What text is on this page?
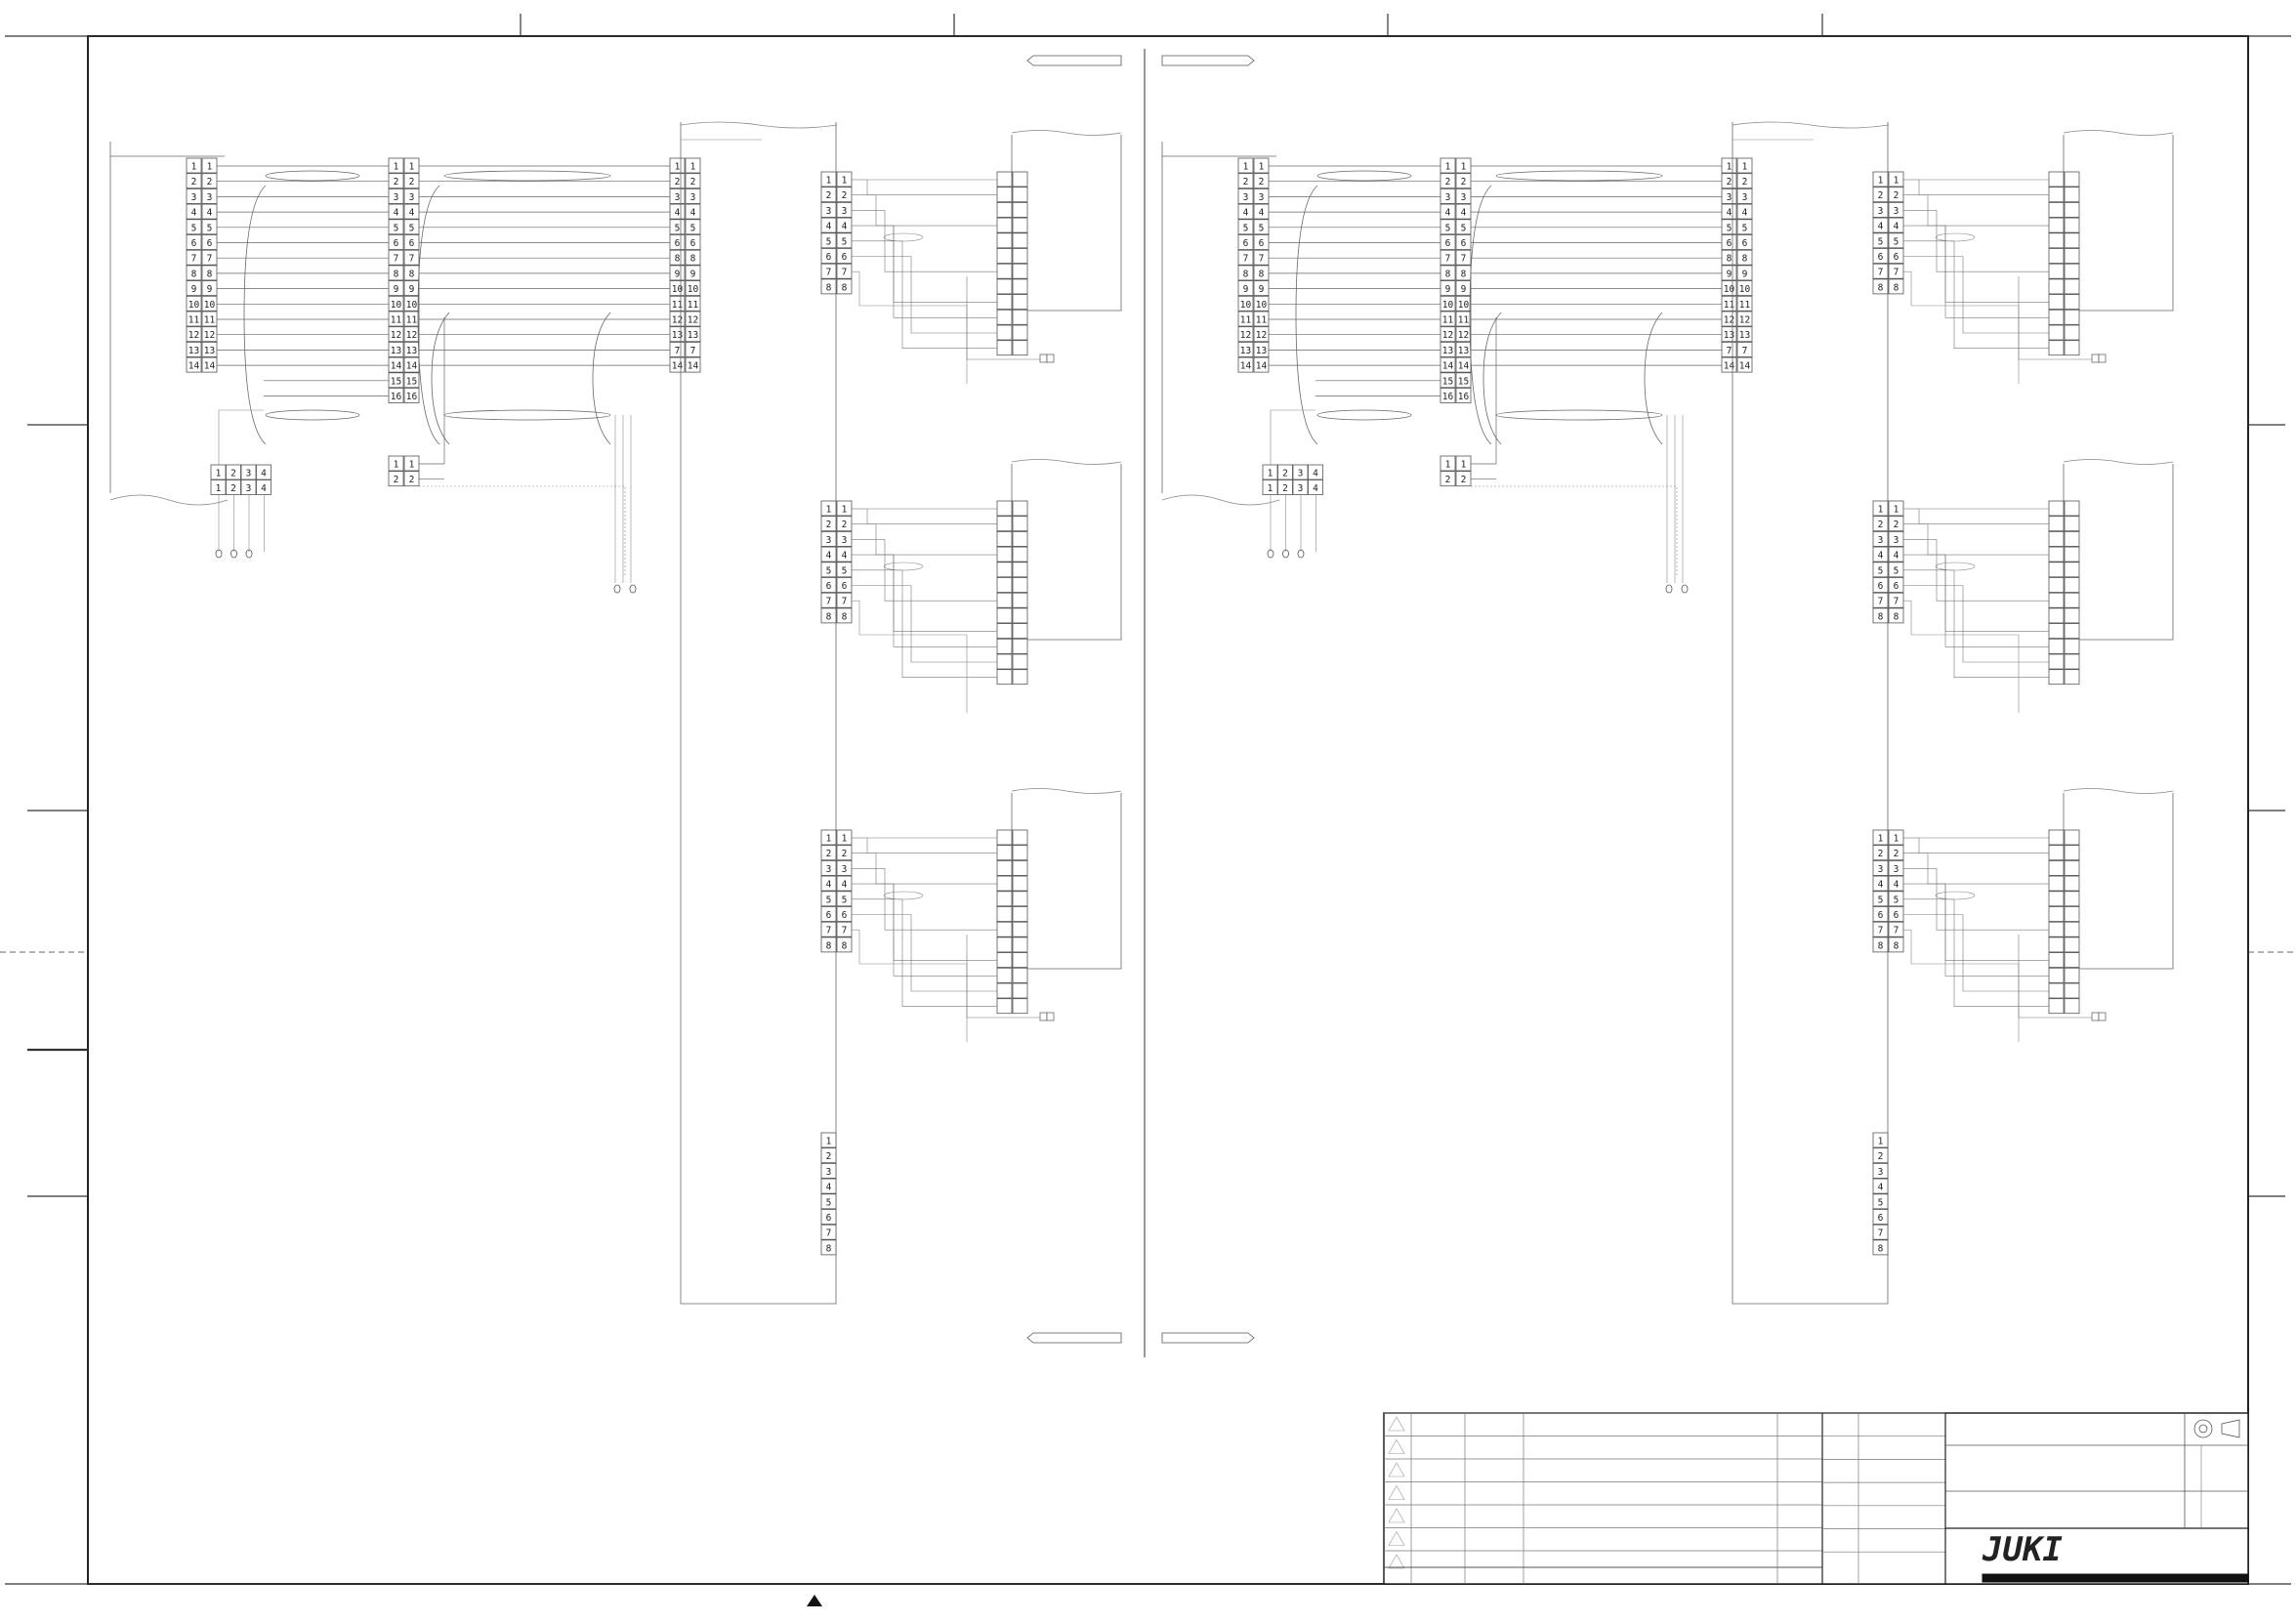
1 1
2 2
3 3
4 4
5 5
6 6
7 7
8 8
9 9
10 10
11 11
12 12
13 13
14 14
1 1
2 2
3 3
4 4
5 5
6 6
7 7
8 8
9 9
10 10
11 11
12 12
13 13
14 14
15 15
16 16
1 1
2 2
3 3
4 4
5 5
6 6
8 8
9 9
10 10
11 11
12 12
13 13
7 7
14 14
1 1
2 2
1 2 3 4
1 2 3 4
1 1
2 2
3 3
4 4
5 5
6 6
7 7
8 8
1 1
2 2
3 3
4 4
5 5
6 6
7 7
8 8
1 1
2 2
3 3
4 4
5 5
6 6
7 7
8 8
1
2
3
4
5
6
7
8
1 1
2 2
3 3
4 4
5 5
6 6
7 7
8 8
9 9
10 10
11 11
12 12
13 13
14 14
1 1
2 2
3 3
4 4
5 5
6 6
7 7
8 8
9 9
10 10
11 11
12 12
13 13
14 14
15 15
16 16
1 1
2 2
3 3
4 4
5 5
6 6
8 8
9 9
10 10
11 11
12 12
13 13
7 7
14 14
1 1
2 2
1 2 3 4
1 2 3 4
1 1
2 2
3 3
4 4
5 5
6 6
7 7
8 8
1 1
2 2
3 3
4 4
5 5
6 6
7 7
8 8
1 1
2 2
3 3
4 4
5 5
6 6
7 7
8 8
1
2
3
4
5
6
7
8
JUKI
